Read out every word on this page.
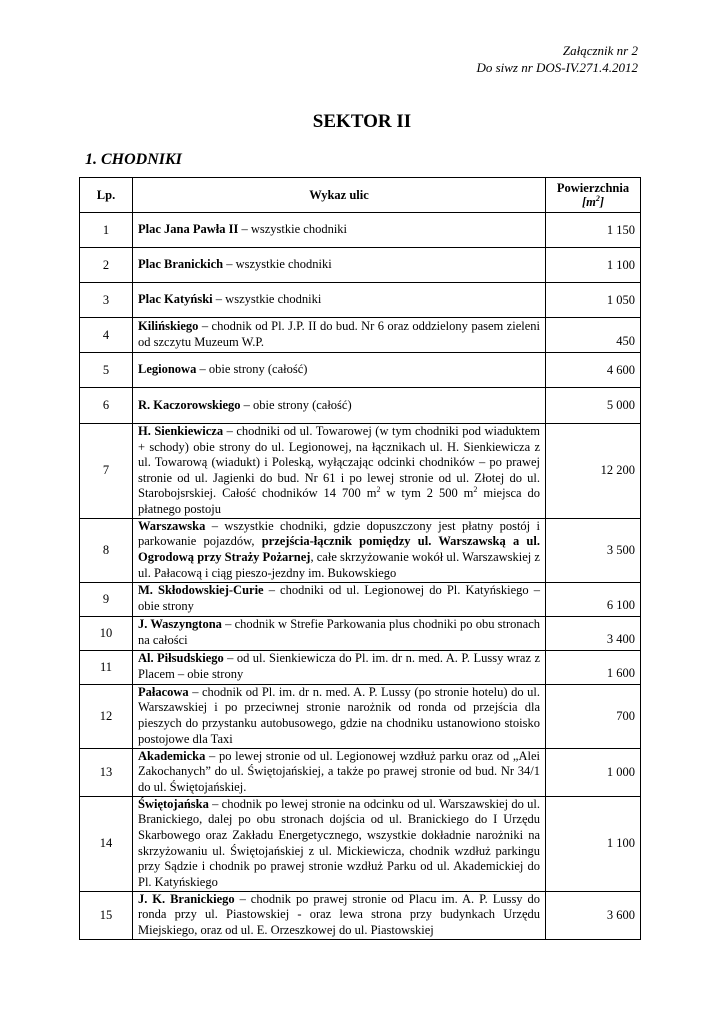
Załącznik nr 2
Do siwz nr DOS-IV.271.4.2012
SEKTOR II
1. CHODNIKI
Lp.	Wykaz ulic	Powierzchnia
$[m^2]$
1	Plac Jana Pawła II – wszystkie chodniki	1 150
2	Plac Branickich – wszystkie chodniki	1 100
3	Plac Katyński – wszystkie chodniki	1 050
4	Kilińskiego – chodnik od Pl. J.P. II do bud. Nr 6 oraz oddzielony pasem zieleni od szczytu Muzeum W.P.	450
5	Legionowa – obie strony (całość)	4 600
6	R. Kaczorowskiego – obie strony (całość)	5 000
7	H. Sienkiewicza – chodniki od ul. Towarowej (w tym chodniki pod wiaduktem + schody) obie strony do ul. Legionowej, na łącznikach ul. H. Sienkiewicza z ul. Towarową (wiadukt) i Poleską, wyłączając odcinki chodników – po prawej stronie od ul. Jagienki do bud. Nr 61 i po lewej stronie od ul. Złotej do ul. Starobojsrskiej. Całość chodników 14 700 $m^2$ w tym 2 500 $m^2$ miejsca do płatnego postoju	12 200
8	Warszawska – wszystkie chodniki, gdzie dopuszczony jest płatny postój i parkowanie pojazdów, przejścia-łącznik pomiędzy ul. Warszawską a ul. Ogrodową przy Straży Pożarnej, całe skrzyżowanie wokół ul. Warszawskiej z ul. Pałacową i ciąg pieszo-jezdny im. Bukowskiego	3 500
9	M. Skłodowskiej-Curie – chodniki od ul. Legionowej do Pl. Katyńskiego – obie strony	6 100
10	J. Waszyngtona – chodnik w Strefie Parkowania plus chodniki po obu stronach na całości	3 400
11	Al. Piłsudskiego – od ul. Sienkiewicza do Pl. im. dr n. med. A. P. Lussy wraz z Placem – obie strony	1 600
12	Pałacowa – chodnik od Pl. im. dr n. med. A. P. Lussy (po stronie hotelu) do ul. Warszawskiej i po przeciwnej stronie narożnik od ronda od przejścia dla pieszych do przystanku autobusowego, gdzie na chodniku ustanowiono stoisko postojowe dla Taxi	700
13	Akademicka – po lewej stronie od ul. Legionowej wzdłuż parku oraz od „Alei Zakochanych” do ul. Świętojańskiej, a także po prawej stronie od bud. Nr 34/1 do ul. Świętojańskiej.	1 000
14	Świętojańska – chodnik po lewej stronie na odcinku od ul. Warszawskiej do ul. Branickiego, dalej po obu stronach dojścia od ul. Branickiego do I Urzędu Skarbowego oraz Zakładu Energetycznego, wszystkie dokładnie narożniki na skrzyżowaniu ul. Świętojańskiej z ul. Mickiewicza, chodnik wzdłuż parkingu przy Sądzie i chodnik po prawej stronie wzdłuż Parku od ul. Akademickiej do Pl. Katyńskiego	1 100
15	J. K. Branickiego – chodnik po prawej stronie od Placu im. A. P. Lussy do ronda przy ul. Piastowskiej - oraz lewa strona przy budynkach Urzędu Miejskiego, oraz od ul. E. Orzeszkowej do ul. Piastowskiej	3 600
